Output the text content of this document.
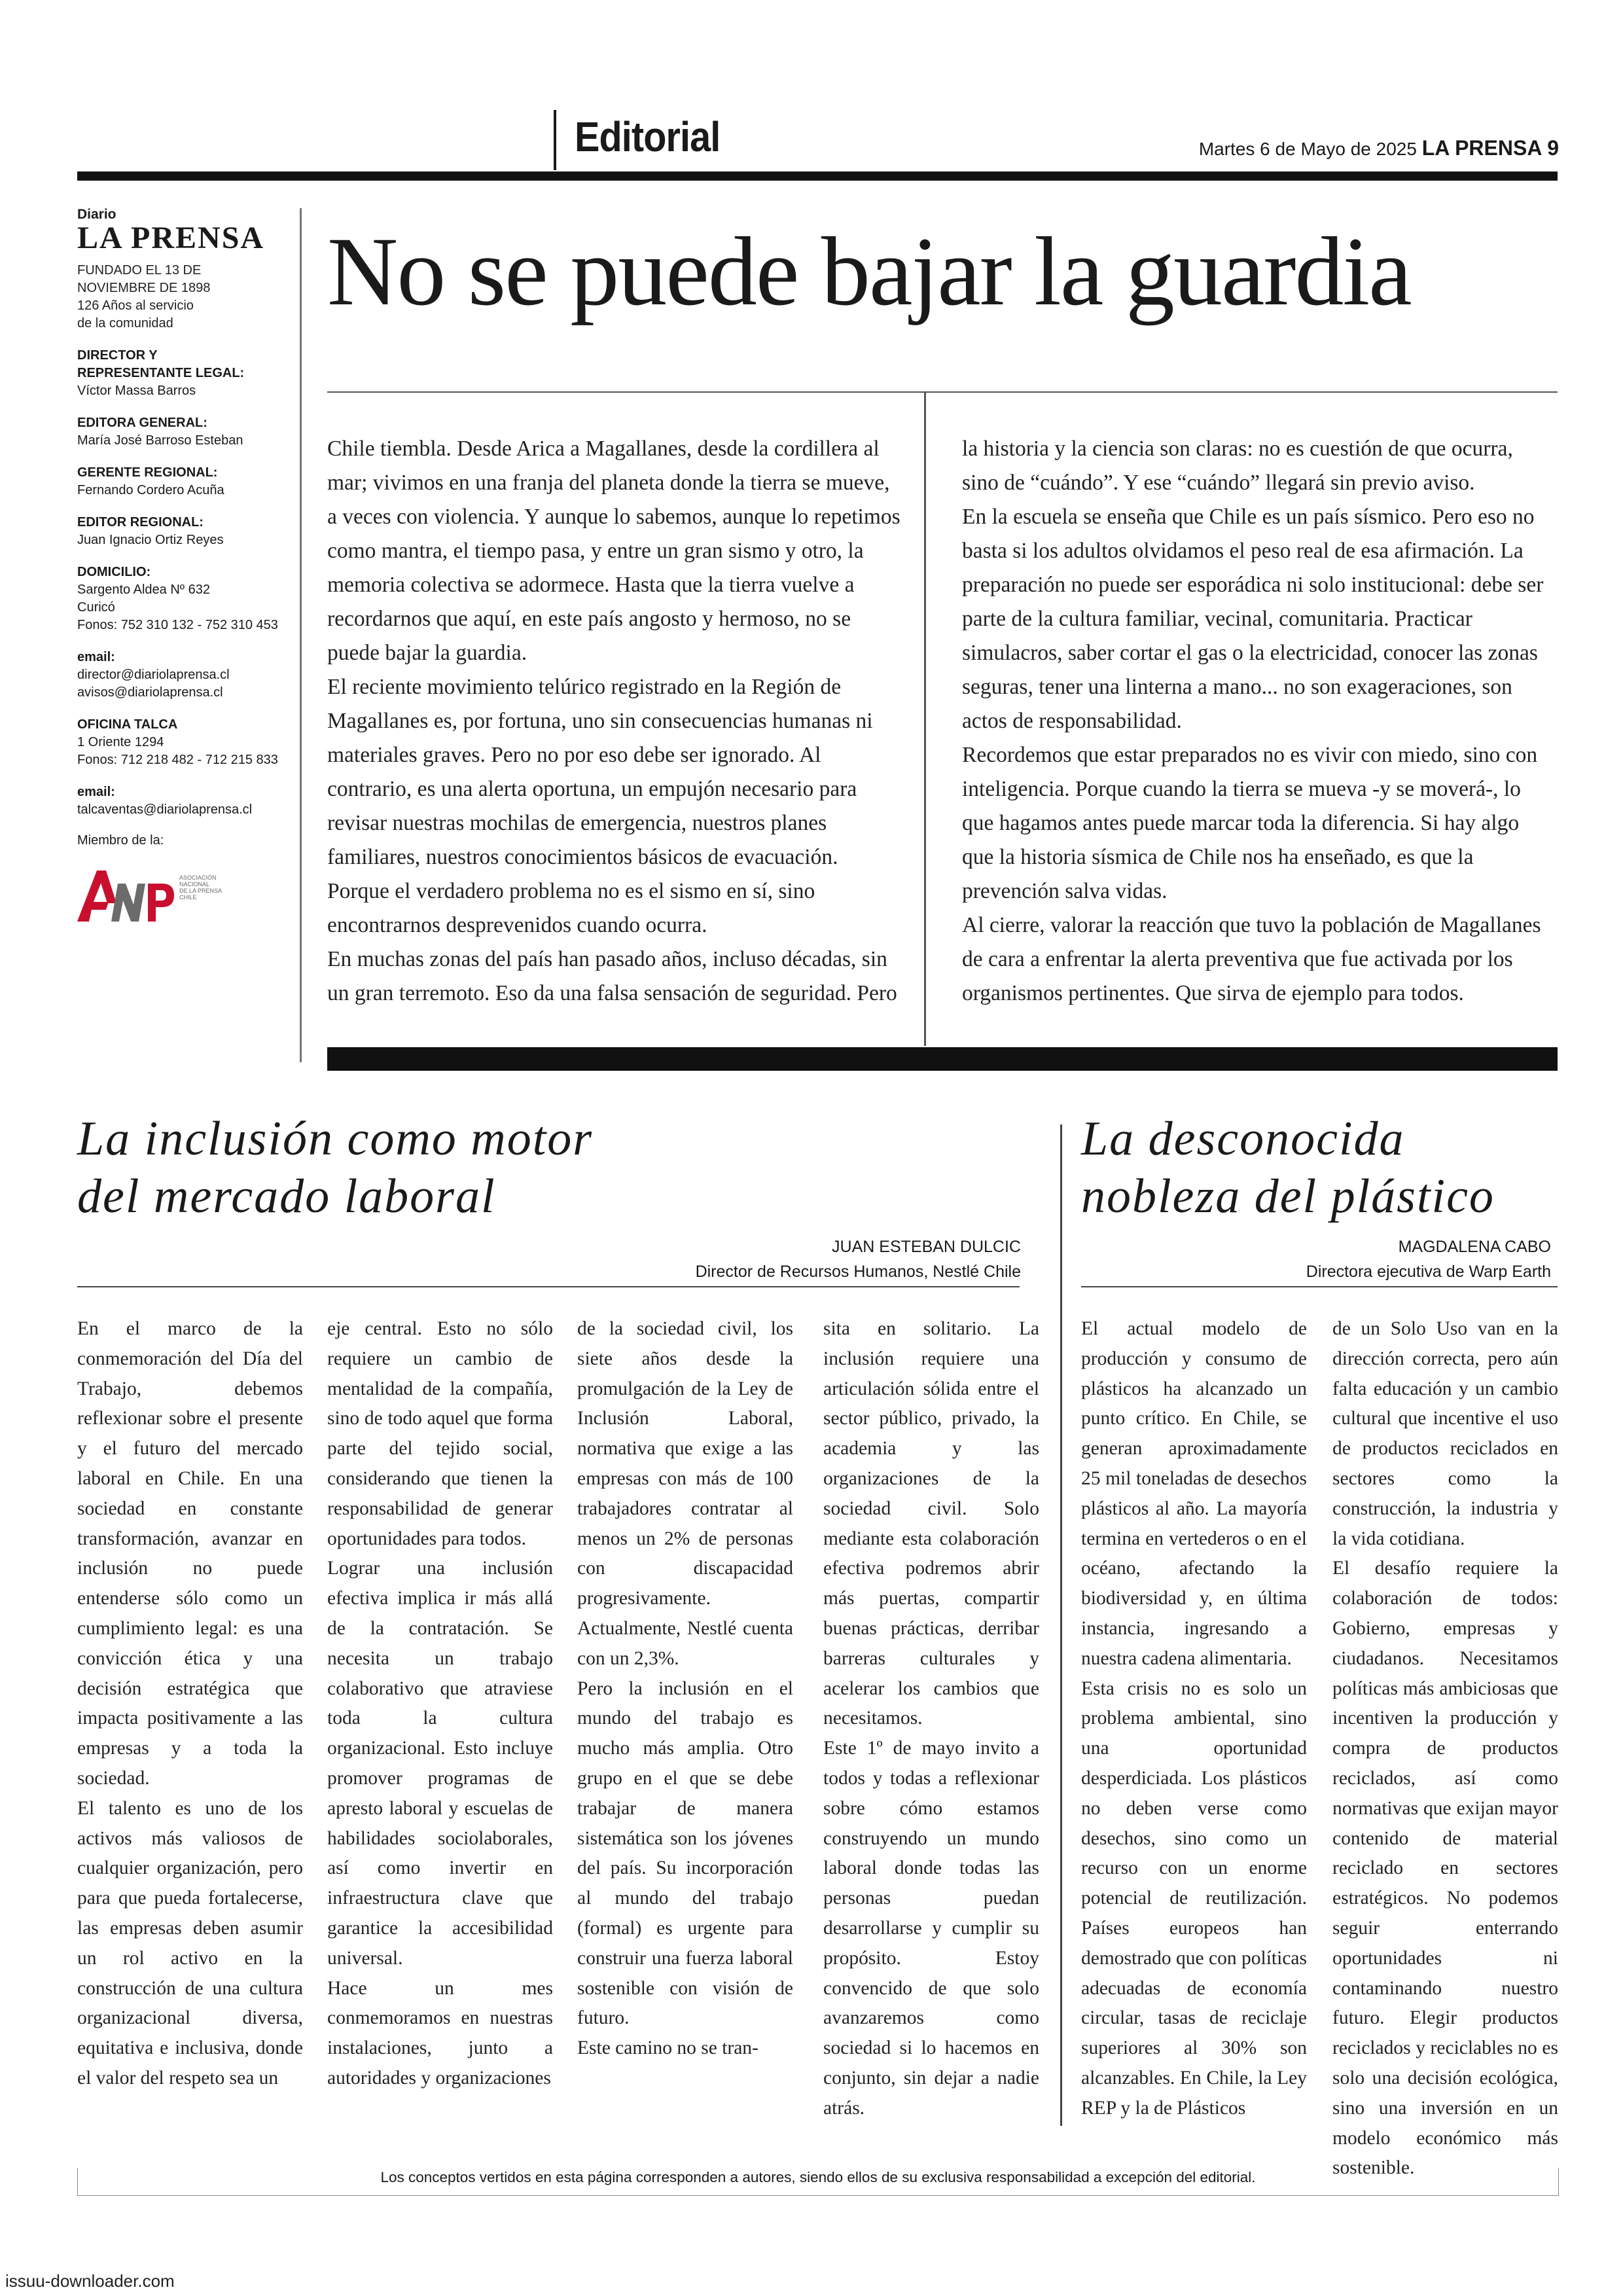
Editorial	Martes 6 de Mayo de 2025 LA PRENSA 9
Diario
LA PRENSA
FUNDADO EL 13 DE
NOVIEMBRE DE 1898
126 Años al servicio
de la comunidad
DIRECTOR Y
REPRESENTANTE LEGAL:
Víctor Massa Barros
EDITORA GENERAL:
María José Barroso Esteban
GERENTE REGIONAL:
Fernando Cordero Acuña
EDITOR REGIONAL:
Juan Ignacio Ortiz Reyes
DOMICILIO:
Sargento Aldea Nº 632
Curicó
Fonos: 752 310 132 - 752 310 453
email:
director@diariolaprensa.cl
avisos@diariolaprensa.cl
OFICINA TALCA
1 Oriente 1294
Fonos: 712 218 482 - 712 215 833
email:
talcaventas@diariolaprensa.cl
Miembro de la:
ASOCIACIÓN
NACIONAL
DE LA PRENSA
CHILE
No se puede bajar la guardia

Chile tiembla. Desde Arica a Magallanes, desde la cordillera al mar; vivimos en una franja del planeta donde la tierra se mueve, a veces con violencia. Y aunque lo sabemos, aunque lo repetimos como mantra, el tiempo pasa, y entre un gran sismo y otro, la memoria colectiva se adormece. Hasta que la tierra vuelve a recordarnos que aquí, en este país angosto y hermoso, no se puede bajar la guardia.

El reciente movimiento telúrico registrado en la Región de Magallanes es, por fortuna, uno sin consecuencias humanas ni materiales graves. Pero no por eso debe ser ignorado. Al contrario, es una alerta oportuna, un empujón necesario para revisar nuestras mochilas de emergencia, nuestros planes familiares, nuestros conocimientos básicos de evacuación. Porque el verdadero problema no es el sismo en sí, sino encontrarnos desprevenidos cuando ocurra.

En muchas zonas del país han pasado años, incluso décadas, sin un gran terremoto. Eso da una falsa sensación de seguridad. Pero

la historia y la ciencia son claras: no es cuestión de que ocurra, sino de “cuándo”. Y ese “cuándo” llegará sin previo aviso.

En la escuela se enseña que Chile es un país sísmico. Pero eso no basta si los adultos olvidamos el peso real de esa afirmación. La preparación no puede ser esporádica ni solo institucional: debe ser parte de la cultura familiar, vecinal, comunitaria. Practicar simulacros, saber cortar el gas o la electricidad, conocer las zonas seguras, tener una linterna a mano... no son exageraciones, son actos de responsabilidad.

Recordemos que estar preparados no es vivir con miedo, sino con inteligencia. Porque cuando la tierra se mueva -y se moverá-, lo que hagamos antes puede marcar toda la diferencia. Si hay algo que la historia sísmica de Chile nos ha enseñado, es que la prevención salva vidas.

Al cierre, valorar la reacción que tuvo la población de Magallanes de cara a enfrentar la alerta preventiva que fue activada por los organismos pertinentes. Que sirva de ejemplo para todos.

La inclusión como motor
del mercado laboral
JUAN ESTEBAN DULCIC
Director de Recursos Humanos, Nestlé Chile

En el marco de la conmemoración del Día del Trabajo, debemos reflexionar sobre el presente y el futuro del mercado laboral en Chile. En una sociedad en constante transformación, avanzar en inclusión no puede entenderse sólo como un cumplimiento legal: es una convicción ética y una decisión estratégica que impacta positivamente a las empresas y a toda la sociedad.

El talento es uno de los activos más valiosos de cualquier organización, pero para que pueda fortalecerse, las empresas deben asumir un rol activo en la construcción de una cultura organizacional diversa, equitativa e inclusiva, donde el valor del respeto sea un

eje central. Esto no sólo requiere un cambio de mentalidad de la compañía, sino de todo aquel que forma parte del tejido social, considerando que tienen la responsabilidad de generar oportunidades para todos.

Lograr una inclusión efectiva implica ir más allá de la contratación. Se necesita un trabajo colaborativo que atraviese toda la cultura organizacional. Esto incluye promover programas de apresto laboral y escuelas de habilidades sociolaborales, así como invertir en infraestructura clave que garantice la accesibilidad universal.

Hace un mes conmemoramos en nuestras instalaciones, junto a autoridades y organizaciones

de la sociedad civil, los siete años desde la promulgación de la Ley de Inclusión Laboral, normativa que exige a las empresas con más de 100 trabajadores contratar al menos un 2% de personas con discapacidad progresivamente. Actualmente, Nestlé cuenta con un 2,3%.

Pero la inclusión en el mundo del trabajo es mucho más amplia. Otro grupo en el que se debe trabajar de manera sistemática son los jóvenes del país. Su incorporación al mundo del trabajo (formal) es urgente para construir una fuerza laboral sostenible con visión de futuro.

Este camino no se tran-

sita en solitario. La inclusión requiere una articulación sólida entre el sector público, privado, la academia y las organizaciones de la sociedad civil. Solo mediante esta colaboración efectiva podremos abrir más puertas, compartir buenas prácticas, derribar barreras culturales y acelerar los cambios que necesitamos.

Este 1º de mayo invito a todos y todas a reflexionar sobre cómo estamos construyendo un mundo laboral donde todas las personas puedan desarrollarse y cumplir su propósito. Estoy convencido de que solo avanzaremos como sociedad si lo hacemos en conjunto, sin dejar a nadie atrás.

La desconocida
nobleza del plástico
MAGDALENA CABO
Directora ejecutiva de Warp Earth

El actual modelo de producción y consumo de plásticos ha alcanzado un punto crítico. En Chile, se generan aproximadamente 25 mil toneladas de desechos plásticos al año. La mayoría termina en vertederos o en el océano, afectando la biodiversidad y, en última instancia, ingresando a nuestra cadena alimentaria.

Esta crisis no es solo un problema ambiental, sino una oportunidad desperdiciada. Los plásticos no deben verse como desechos, sino como un recurso con un enorme potencial de reutilización. Países europeos han demostrado que con políticas adecuadas de economía circular, tasas de reciclaje superiores al 30% son alcanzables. En Chile, la Ley REP y la de Plásticos

de un Solo Uso van en la dirección correcta, pero aún falta educación y un cambio cultural que incentive el uso de productos reciclados en sectores como la construcción, la industria y la vida cotidiana.

El desafío requiere la colaboración de todos: Gobierno, empresas y ciudadanos. Necesitamos políticas más ambiciosas que incentiven la producción y compra de productos reciclados, así como normativas que exijan mayor contenido de material reciclado en sectores estratégicos. No podemos seguir enterrando oportunidades ni contaminando nuestro futuro. Elegir productos reciclados y reciclables no es solo una decisión ecológica, sino una inversión en un modelo económico más sostenible.

Los conceptos vertidos en esta página corresponden a autores, siendo ellos de su exclusiva responsabilidad a excepción del editorial.
issuu-downloader.com
